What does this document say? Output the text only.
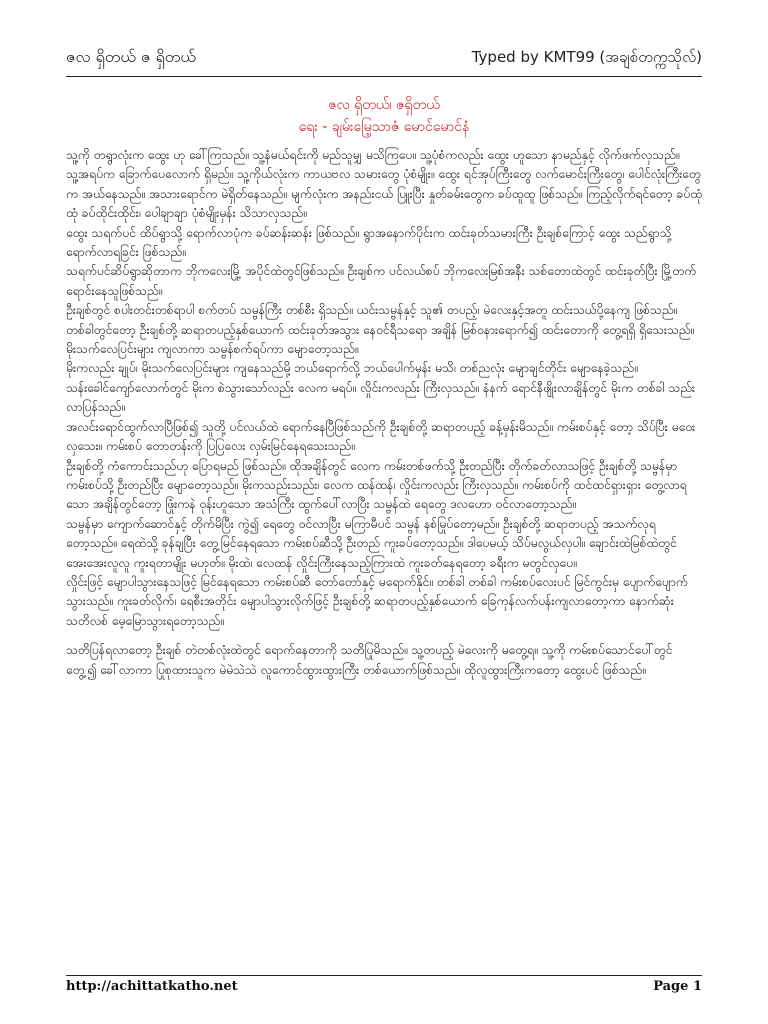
ဇလ ရှိတယ် ဇ ရှိတယ်	Typed by KMT99 (အချစ်တက္ကသိုလ်)
ဇလ ရှိတယ်၊ ဇရှိတယ်
ရေး - ချမ်းမြေ့သာဇံ မောင်မောင်နံ

သူ့ကို တရွာလုံးက ထွေး ဟု ခေါ်ကြသည်။ သူ့နံမယ်ရင်းကို မည်သူမျှ မသိကြပေ။ သူ့ပုံစံကလည်း ထွေး ဟူသော နာမည်နှင့် လိုက်ဖက်လှသည်။

သူ့အရပ်က ခြောက်ပေလောက် ရှိမည်။ သူ့ကိုယ်လုံးက ကာယဗလ သမားတွေ ပုံစံမျိုး။ ထွေး ရင်အုပ်ကြီးတွေ လက်မောင်းကြီးတွေ၊ ပေါင်လုံးကြီးတွေက အယ်နေသည်။ အသားရောင်က မဲရှိတ်နေသည်။ မျက်လုံးက အနည်းငယ် ပြူးပြီး နှုတ်ခမ်းတွေက ခပ်ထူထူ ဖြစ်သည်။ ကြည့်လိုက်ရင်တော့ ခပ်ထုံထုံ ခပ်ထိုင်းထိုင်း၊ ပေါချာချာ ပုံစံမျိုးမှန်း သိသာလှသည်။

ထွေး သရက်ပင် ထိပ်ရွာသို့ ရောက်လာပုံက ခပ်ဆန်းဆန်း ဖြစ်သည်။ ရွာအနောက်ပိုင်းက ထင်းခုတ်သမားကြီး ဦးချစ်ကြောင့် ထွေး သည်ရွာသို့ ရောက်လာရခြင်း ဖြစ်သည်။

သရက်ပင်ဆိပ်ရွာဆိုတာက ဘိုကလေးမြို့ အပိုင်ထဲတွင်ဖြစ်သည်။ ဦးချစ်က ပင်လယ်စပ် ဘိုကလေးမြစ်အနီး သစ်တောထဲတွင် ထင်းခုတ်ပြီး မြို့တက် ရောင်းနေသူဖြစ်သည်။

ဦးချစ်တွင် စပါးတင်းတစ်ရာပါ စက်တပ် သမ္ဗန်ကြီး တစ်စီး ရှိသည်။ ယင်းသမ္ဗန်နှင့် သူ၏ တပည့်၊ မဲလေးနှင့်အတူ ထင်းသယ်ပို့နေကျ ဖြစ်သည်။ တစ်ခါတွင်တော့ ဦးချစ်တို့ ဆရာတပည့်နှစ်ယောက် ထင်းခုတ်အသွား နေဝင်ရီသရော အချိန် မြစ်ဝနားရောက်၍ ထင်းတောကို တွေ့ရရှိ ရှိသေးသည်။ မိုးသက်လေပြင်းများ ကျလာကာ သမ္ဗန်စက်ရပ်ကာ မျောတော့သည်။

မိုးကလည်း ချုပ်၊ မိုးသက်လေပြင်းများ ကျနေသည်မို့ ဘယ်ရောက်လို့ ဘယ်ပေါက်မှန်း မသိ၊ တစ်ညလုံး မျောချင်တိုင်း မျောနေခဲ့သည်။

သန်းခေါင်ကျော်လောက်တွင် မိုးက စဲသွားသော်လည်း လေက မရပ်။ လှိုင်းကလည်း ကြီးလှသည်။ နံနက် ရောင်နီဖျိုးလာချိန်တွင် မိုးက တစ်ခါ သည်းလာပြန်သည်။

အလင်းရောင်ထွက်လာပြီဖြစ်၍ သူတို့ ပင်လယ်ထဲ ရောက်နေပြီဖြစ်သည်ကို ဦးချစ်တို့ ဆရာတပည့် ခန့်မှန်းမိသည်။ ကမ်းစပ်နှင့် တော့ သိပ်ပြီး မဝေးလှသေး။ ကမ်းစပ် တောတန်းကို ပြပြလေး လှမ်းမြင်နေရသေးသည်။

ဦးချစ်တို့ ကံကောင်းသည်ဟု ပြောရမည် ဖြစ်သည်။ ထိုအချိန်တွင် လေက ကမ်းတစ်ဖက်သို့ ဦးတည်ပြီး တိုက်ခတ်လာသဖြင့် ဦးချစ်တို့ သမ္ဗန်မှာ ကမ်းစပ်သို့ ဦးတည်ပြီး မျောတော့သည်။ မိုးကသည်းသည်း၊ လေက ထန်ထန်၊ လှိုင်းကလည်း ကြီးလှသည်။ ကမ်းစပ်ကို ထင်ထင်ရှားရှား တွေ့လာရသော အချိန်တွင်တော့ ဖြုံးကနဲ ဝုန်းဟူသော အသံကြီး ထွက်ပေါ်လာပြီး သမ္ဗန်ထဲ ရေတွေ ဒလဟော ဝင်လာတော့သည်။

သမ္ဗန်မှာ ကျောက်ဆောင်နှင့် တိုက်မိပြီး ကွဲ၍ ရေတွေ ဝင်လာပြီး မကြာမီပင် သမ္ဗန် နစ်မြုပ်တော့မည်။ ဦးချစ်တို့ ဆရာတပည့် အသက်လုရတော့သည်။ ရေထဲသို့ ခုန်ချပြီး တွေ့မြင်နေရသော ကမ်းစပ်ဆီသို့ ဦးတည် ကူးခပ်တော့သည်။ ဒါပေမယ့် သိပ်မလွယ်လှပါ။ ချောင်းထဲမြစ်ထဲတွင် အေးအေးလူလူ ကူးရတာမျိုး မဟုတ်။ မိုးထဲ၊ လေထန် လှိုင်းကြီးနေသည့်ကြားထဲ ကူးခတ်နေရတော့ ခရီးက မတွင်လှပေ။

လှိုင်းဖြင့် မျောပါသွားနေသဖြင့် မြင်နေရသော ကမ်းစပ်ဆီ တော်တော်နှင့် မရောက်နိုင်။ တစ်ခါ တစ်ခါ ကမ်းစပ်လေးပင် မြင်ကွင်းမှ ပျောက်ပျောက်သွားသည်။ ကူးခတ်လိုက်၊ ရေစီးအတိုင်း မျောပါသွားလိုက်ဖြင့် ဦးချစ်တို့ ဆရာတပည့်နှစ်ယောက် ခြေကုန်လက်ပန်းကျလာတော့ကာ နောက်ဆုံး သတိလစ် မေ့မြောသွားရတော့သည်။

သတိပြန်ရလာတော့ ဦးချစ် တဲတစ်လုံးထဲတွင် ရောက်နေတာကို သတိပြုမိသည်။ သူ့တပည့် မဲလေးကို မတွေ့ရ။ သူ့ကို ကမ်းစပ်သောင်ပေါ်တွင် တွေ့၍ ခေါ်လာကာ ပြုစုထားသူက မဲမဲသဲသဲ လူကောင်ထွားထွားကြီး တစ်ယောက်ဖြစ်သည်။ ထိုလူထွားကြီးကတော့ ထွေးပင် ဖြစ်သည်။

http://achittatkatho.net	Page 1
